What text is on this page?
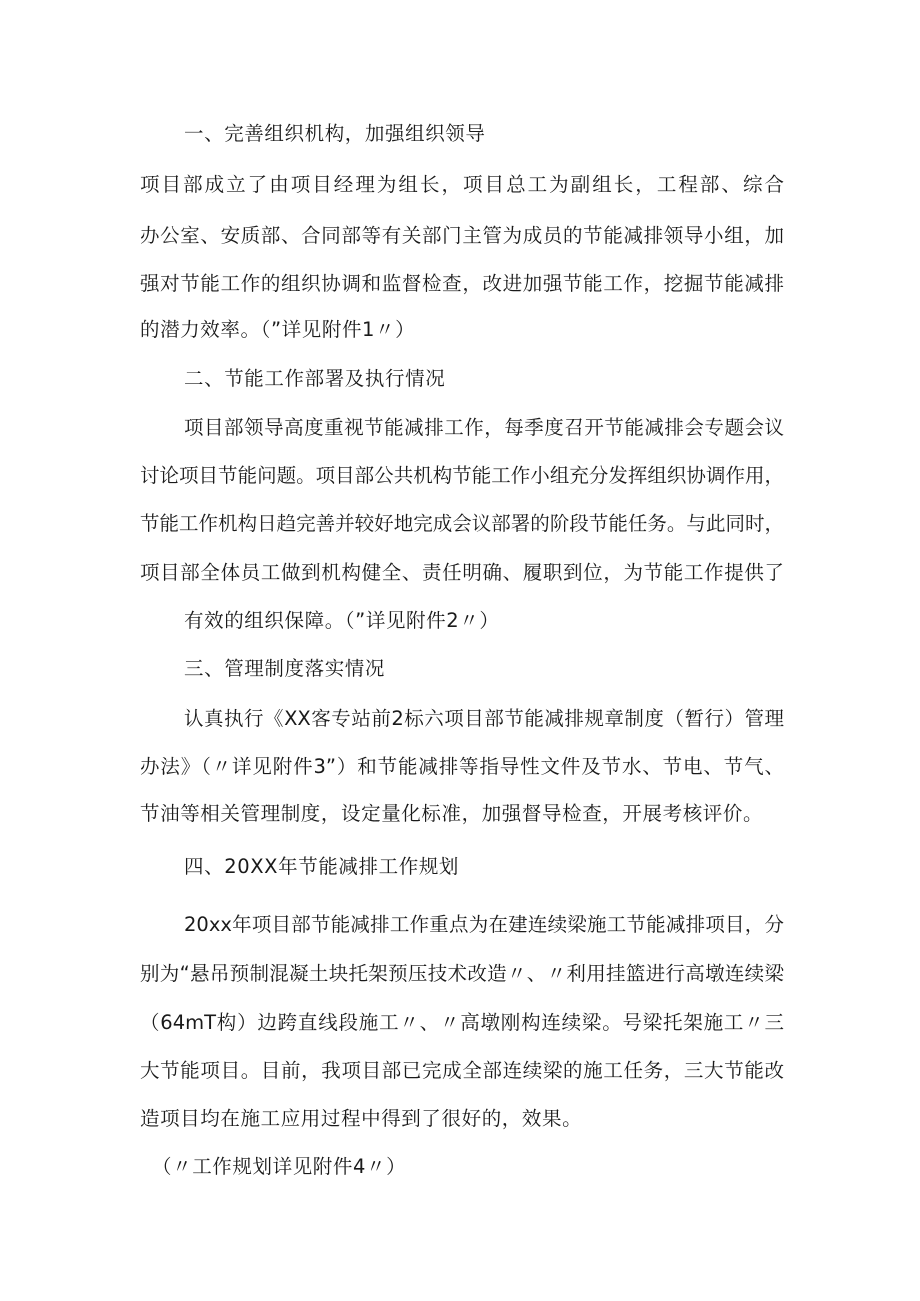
一、完善组织机构，加强组织领导
项目部成立了由项目经理为组长，项目总工为副组长，工程部、综合
办公室、安质部、合同部等有关部门主管为成员的节能减排领导小组，加
强对节能工作的组织协调和监督检查，改进加强节能工作，挖掘节能减排
的潜力效率。（”详见附件1〃）
二、节能工作部署及执行情况
项目部领导高度重视节能减排工作，每季度召开节能减排会专题会议
讨论项目节能问题。项目部公共机构节能工作小组充分发挥组织协调作用，
节能工作机构日趋完善并较好地完成会议部署的阶段节能任务。与此同时，
项目部全体员工做到机构健全、责任明确、履职到位，为节能工作提供了
有效的组织保障。（”详见附件2〃）
三、管理制度落实情况
认真执行《XX客专站前2标六项目部节能减排规章制度（暂行）管理
办法》（〃详见附件3”）和节能减排等指导性文件及节水、节电、节气、
节油等相关管理制度，设定量化标准，加强督导检查，开展考核评价。
四、20XX年节能减排工作规划
20xx年项目部节能减排工作重点为在建连续梁施工节能减排项目，分
别为“悬吊预制混凝土块托架预压技术改造〃、〃利用挂篮进行高墩连续梁
（64mT构）边跨直线段施工〃、〃高墩刚构连续梁。号梁托架施工〃三
大节能项目。目前，我项目部已完成全部连续梁的施工任务，三大节能改
造项目均在施工应用过程中得到了很好的，效果。
（〃工作规划详见附件4〃）
